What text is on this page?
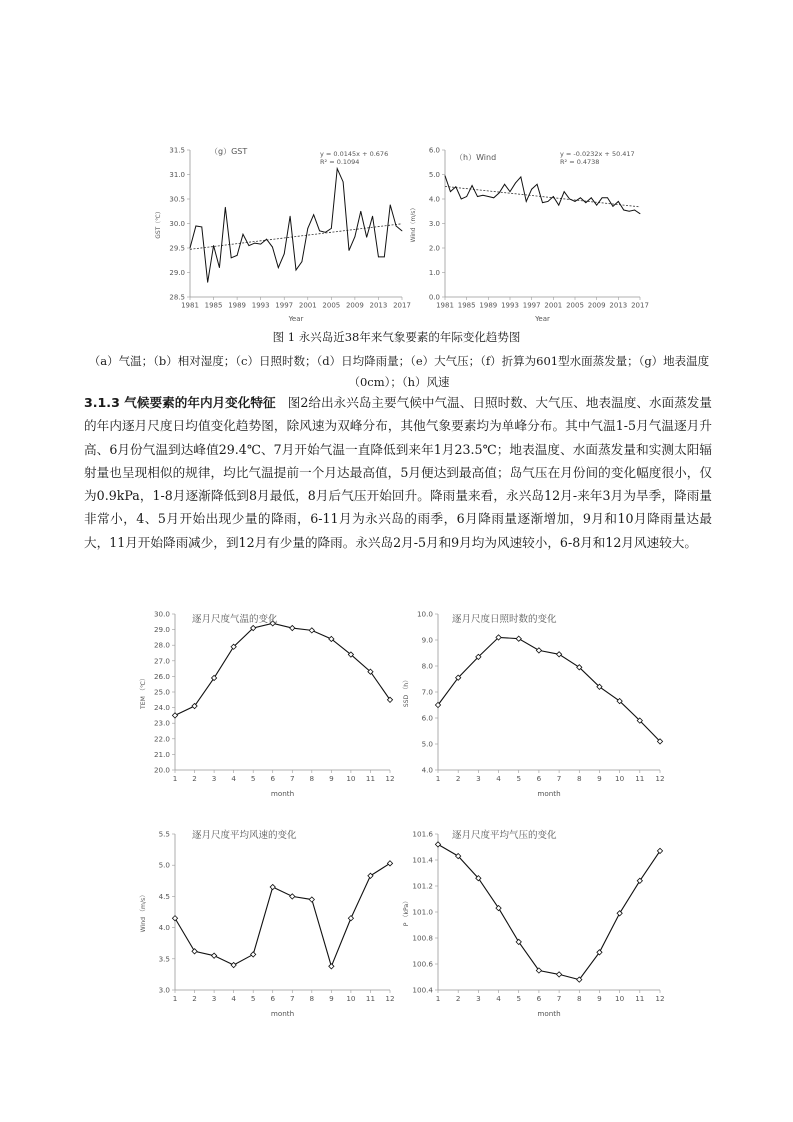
28.5
29.0
29.5
30.0
30.5
31.0
31.5
1981 1985 1989 1993 1997 2001 2005 2009 2013 2017
Year
GST（℃）
y = 0.0145x + 0.676
R² = 0.1094
（g）GST
0.0
1.0
2.0
3.0
4.0
5.0
6.0
1981 1985 1989 1993 1997 2001 2005 2009 2013 2017
Year
Wind（m/s）
y = -0.0232x + 50.417
R² = 0.4738
（h）Wind
图 1 永兴岛近38年来气象要素的年际变化趋势图
（a）气温；（b）相对湿度；（c）日照时数；（d）日均降雨量；（e）大气压；（f）折算为601型水面蒸发量；（g）地表温度（0cm）；（h）风速
3.1.3 气候要素的年内月变化特征 图2给出永兴岛主要气候中气温、日照时数、大气压、地表温度、水面蒸发量的年内逐月尺度日均值变化趋势图，除风速为双峰分布，其他气象要素均为单峰分布。其中气温1-5月气温逐月升高、6月份气温到达峰值29.4℃、7月开始气温一直降低到来年1月23.5℃；地表温度、水面蒸发量和实测太阳辐射量也呈现相似的规律，均比气温提前一个月达最高值，5月便达到最高值；岛气压在月份间的变化幅度很小，仅为0.9kPa，1-8月逐渐降低到8月最低，8月后气压开始回升。降雨量来看，永兴岛12月-来年3月为旱季，降雨量非常小，4、5月开始出现少量的降雨，6-11月为永兴岛的雨季，6月降雨量逐渐增加，9月和10月降雨量达最大，11月开始降雨减少，到12月有少量的降雨。永兴岛2月-5月和9月均为风速较小，6-8月和12月风速较大。
20.0
21.0
22.0
23.0
24.0
25.0
26.0
27.0
28.0
29.0
30.0
1 2 3 4 5 6 7 8 9 10 11 12
month
TEM （℃）
逐月尺度气温的变化
4.0
5.0
6.0
7.0
8.0
9.0
10.0
1 2 3 4 5 6 7 8 9 10 11 12
month
SSD （h）
逐月尺度日照时数的变化
3.0
3.5
4.0
4.5
5.0
5.5
1 2 3 4 5 6 7 8 9 10 11 12
month
Wind （m/s）
逐月尺度平均风速的变化
100.4
100.6
100.8
101.0
101.2
101.4
101.6
1 2 3 4 5 6 7 8 9 10 11 12
month
P （kPa）
逐月尺度平均气压的变化
